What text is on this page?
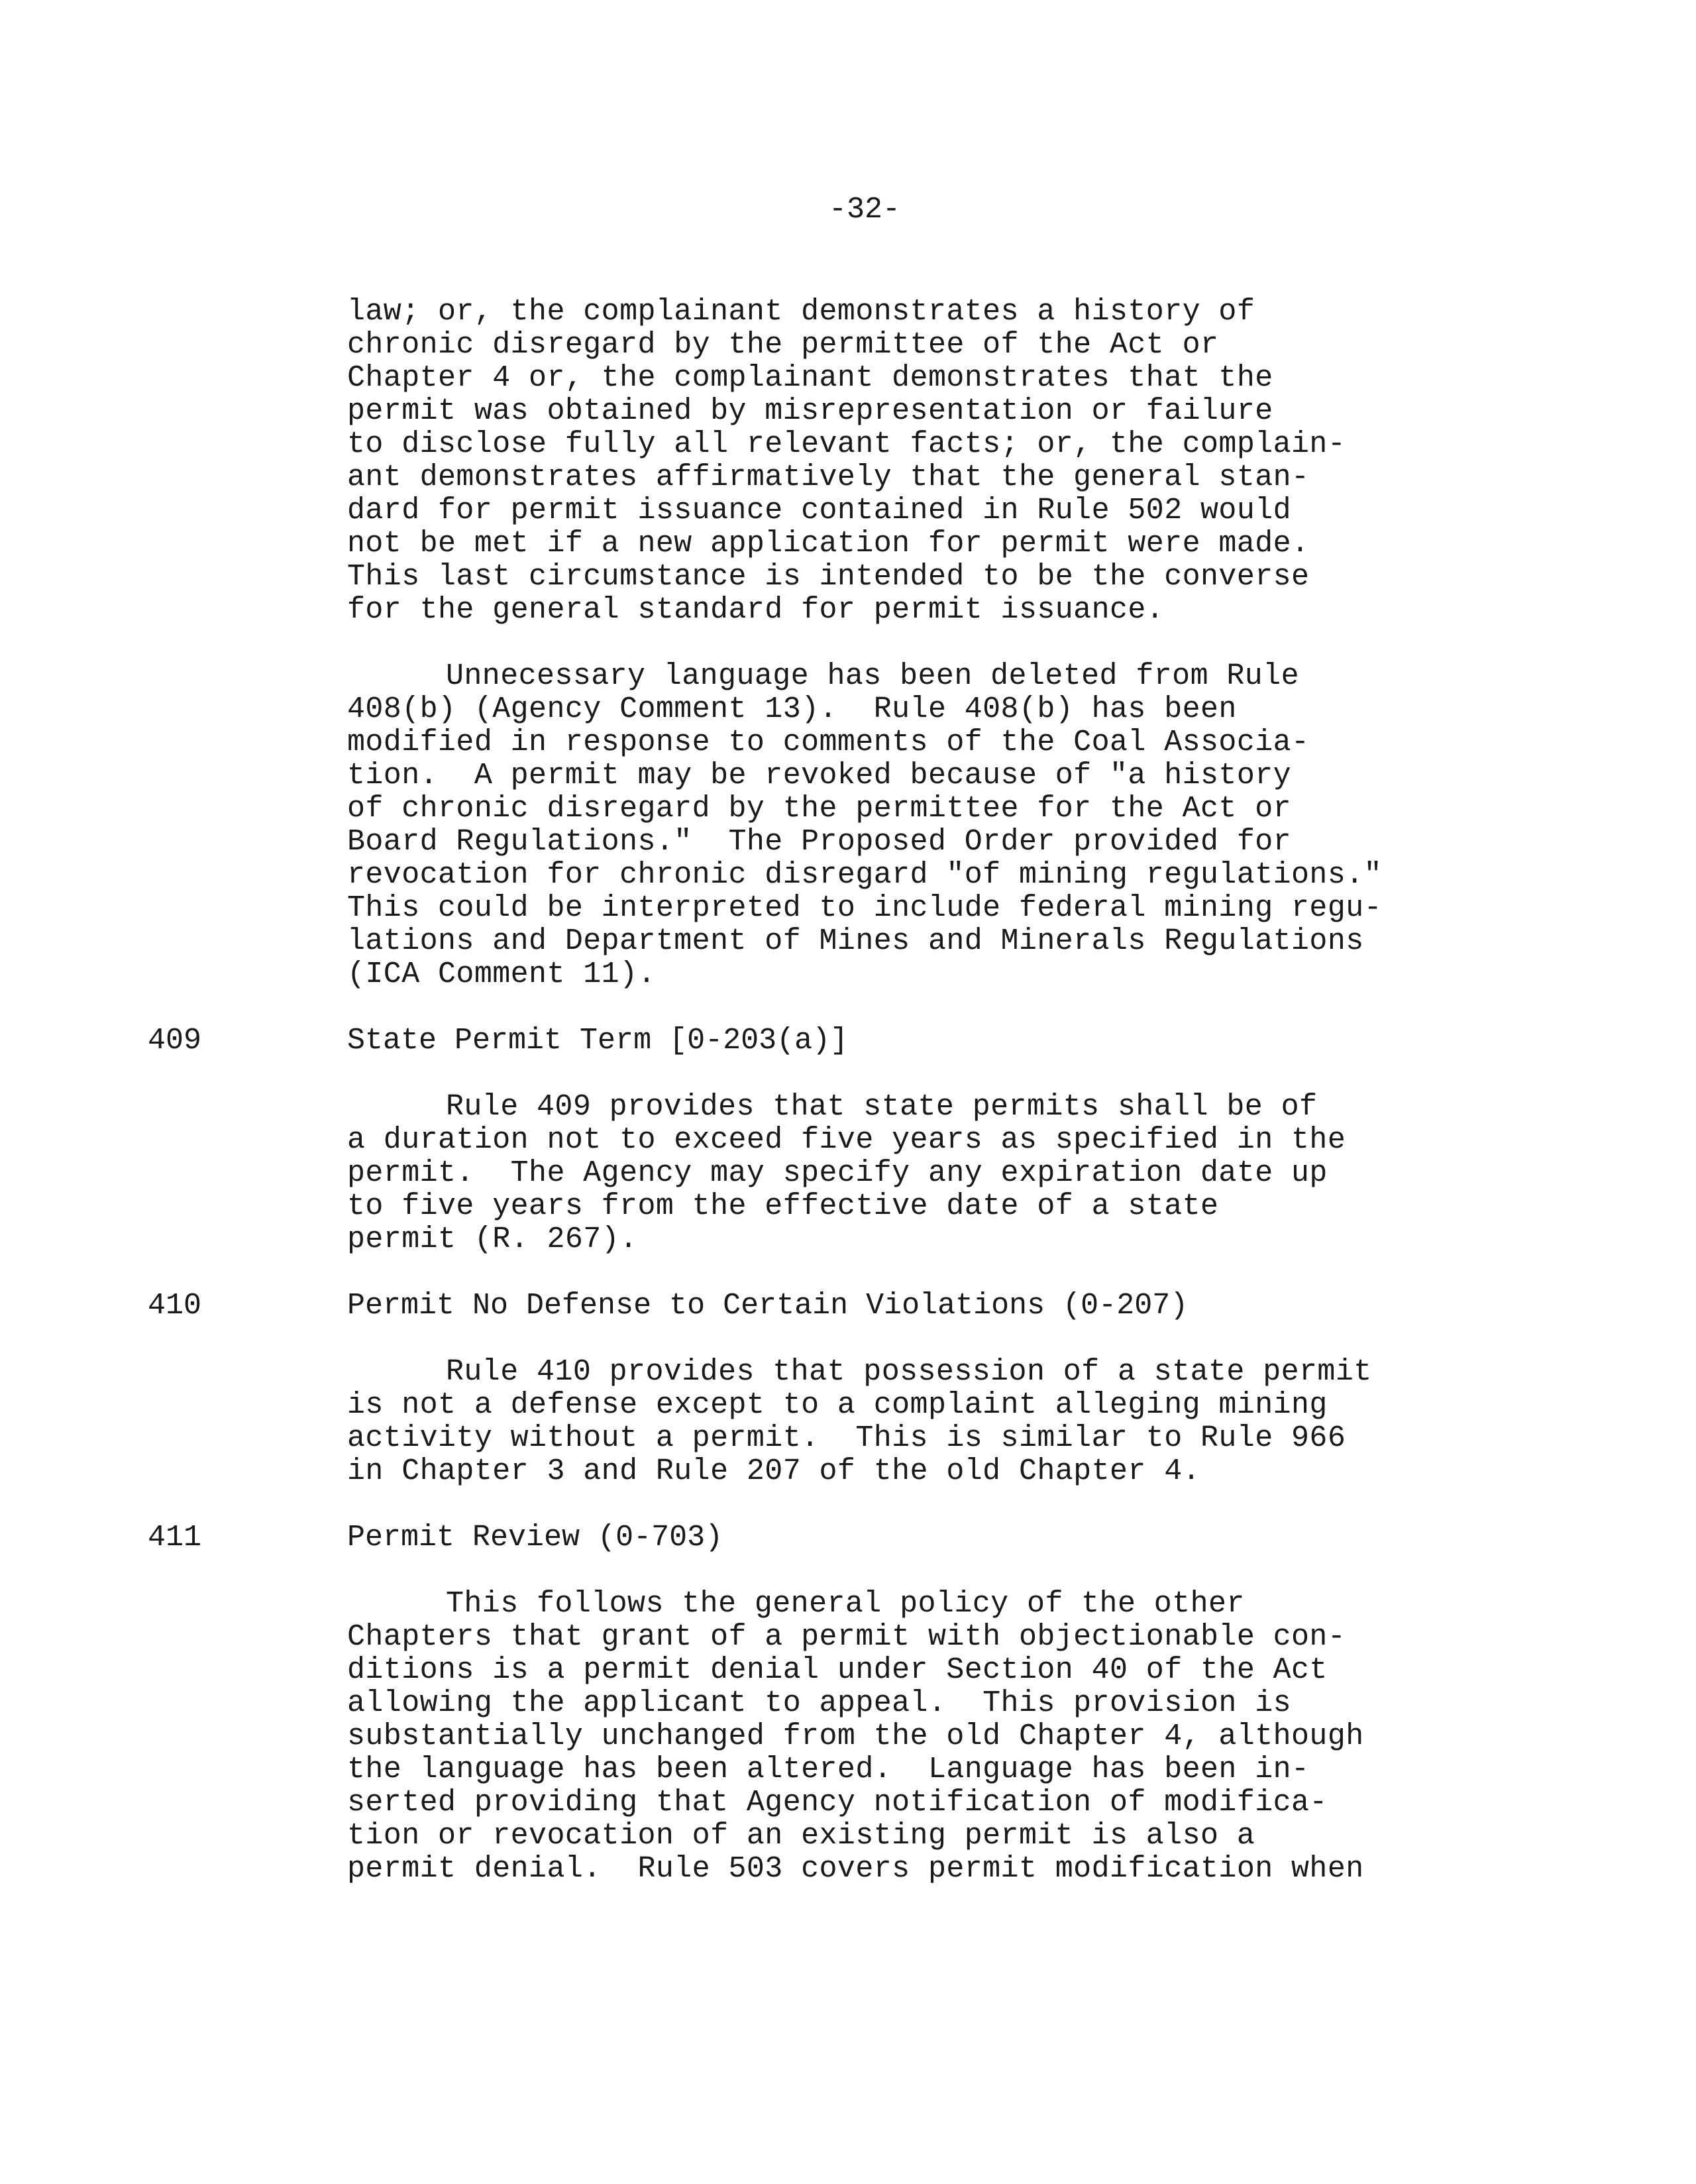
-32-
law; or, the complainant demonstrates a history of
chronic disregard by the permittee of the Act or
Chapter 4 or, the complainant demonstrates that the
permit was obtained by misrepresentation or failure
to disclose fully all relevant facts; or, the complain-
ant demonstrates affirmatively that the general stan-
dard for permit issuance contained in Rule 502 would
not be met if a new application for permit were made.
This last circumstance is intended to be the converse
for the general standard for permit issuance.
Unnecessary language has been deleted from Rule
408(b) (Agency Comment 13).  Rule 408(b) has been
modified in response to comments of the Coal Associa-
tion.  A permit may be revoked because of "a history
of chronic disregard by the permittee for the Act or
Board Regulations."  The Proposed Order provided for
revocation for chronic disregard "of mining regulations."
This could be interpreted to include federal mining regu-
lations and Department of Mines and Minerals Regulations
(ICA Comment 11).
409	State Permit Term [0-203(a)]
Rule 409 provides that state permits shall be of
a duration not to exceed five years as specified in the
permit.  The Agency may specify any expiration date up
to five years from the effective date of a state
permit (R. 267).
410	Permit No Defense to Certain Violations (0-207)
Rule 410 provides that possession of a state permit
is not a defense except to a complaint alleging mining
activity without a permit.  This is similar to Rule 966
in Chapter 3 and Rule 207 of the old Chapter 4.
411	Permit Review (0-703)
This follows the general policy of the other
Chapters that grant of a permit with objectionable con-
ditions is a permit denial under Section 40 of the Act
allowing the applicant to appeal.  This provision is
substantially unchanged from the old Chapter 4, although
the language has been altered.  Language has been in-
serted providing that Agency notification of modifica-
tion or revocation of an existing permit is also a
permit denial.  Rule 503 covers permit modification when
